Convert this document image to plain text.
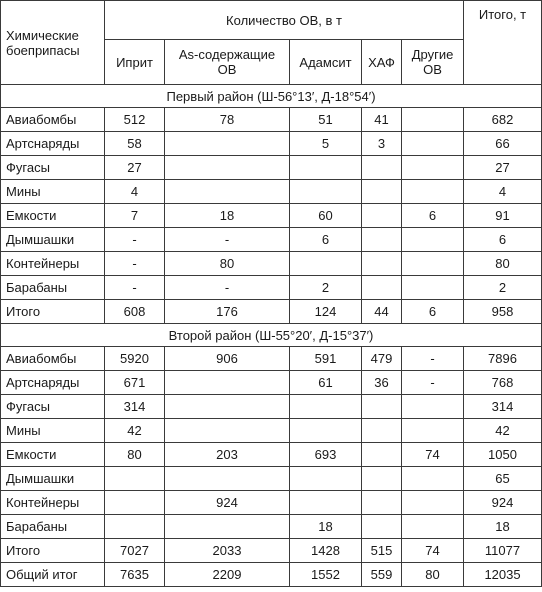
Химические боеприпасы	Количество ОВ, в т					Итого, т
	Иприт	As-содержащие ОВ	Адамсит	ХАФ	Другие ОВ	
Первый район (Ш-56°13′, Д-18°54′)						
Авиабомбы	512	78	51	41		682
Артснаряды	58		5	3		66
Фугасы	27					27
Мины	4					4
Емкости	7	18	60		6	91
Дымшашки	-	-	6			6
Контейнеры	-	80				80
Барабаны	-	-	2			2
Итого	608	176	124	44	6	958
Второй район (Ш-55°20′, Д-15°37′)						
Авиабомбы	5920	906	591	479	-	7896
Артснаряды	671		61	36	-	768
Фугасы	314					314
Мины	42					42
Емкости	80	203	693		74	1050
Дымшашки						65
Контейнеры		924				924
Барабаны			18			18
Итого	7027	2033	1428	515	74	11077
Общий итог	7635	2209	1552	559	80	12035
